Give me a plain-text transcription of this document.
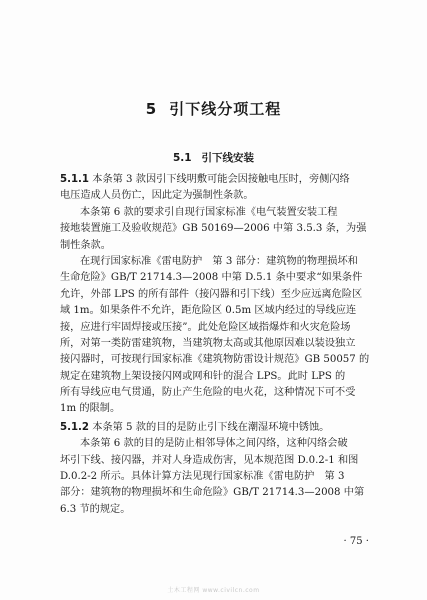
5 引下线分项工程
5.1 引下线安装
5.1.1 本条第 3 款因引下线明敷可能会因接触电压时，旁侧闪络
电压造成人员伤亡，因此定为强制性条款。
本条第 6 款的要求引自现行国家标准《电气装置安装工程
接地装置施工及验收规范》GB 50169—2006 中第 3.5.3 条，为强
制性条款。
在现行国家标准《雷电防护　第 3 部分：建筑物的物理损坏和
生命危险》GB/T 21714.3—2008 中第 D.5.1 条中要求“如果条件
允许，外部 LPS 的所有部件（接闪器和引下线）至少应远离危险区
域 1m。如果条件不允许，距危险区 0.5m 区域内经过的导线应连
接，应进行牢固焊接或压接”。此处危险区域指爆炸和火灾危险场
所，对第一类防雷建筑物，当建筑物太高或其他原因难以装设独立
接闪器时，可按现行国家标准《建筑物防雷设计规范》GB 50057 的
规定在建筑物上架设接闪网或网和针的混合 LPS。此时 LPS 的
所有导线应电气贯通，防止产生危险的电火花，这种情况下可不受
1m 的限制。
5.1.2 本条第 5 款的目的是防止引下线在潮湿环境中锈蚀。
本条第 6 款的目的是防止相邻导体之间闪络，这种闪络会破
坏引下线、接闪器，并对人身造成伤害，见本规范图 D.0.2-1 和图
D.0.2-2 所示。具体计算方法见现行国家标准《雷电防护　第 3
部分：建筑物的物理损坏和生命危险》GB/T 21714.3—2008 中第
6.3 节的规定。
· 75 ·
土木工程网 www.civilcn.com
